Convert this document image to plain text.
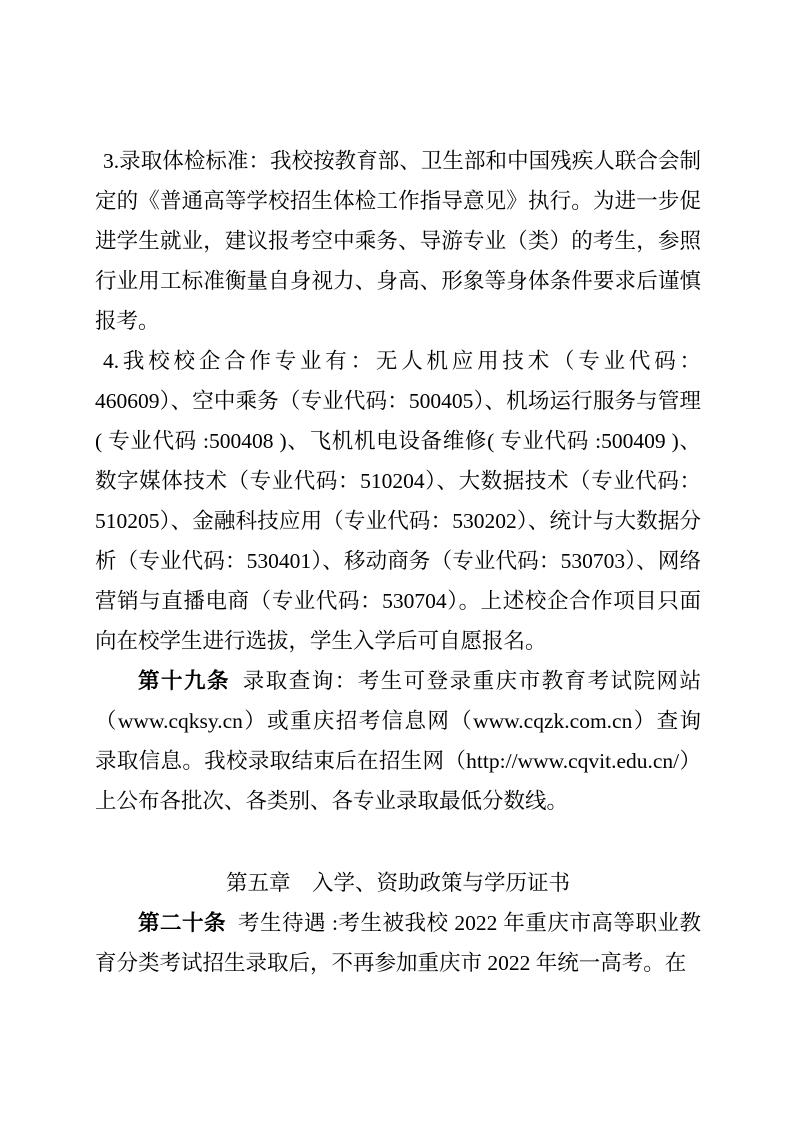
3.录取体检标准：我校按教育部、卫生部和中国残疾人联合会制定的《普通高等学校招生体检工作指导意见》执行。为进一步促进学生就业，建议报考空中乘务、导游专业（类）的考生，参照行业用工标准衡量自身视力、身高、形象等身体条件要求后谨慎报考。

4.我校校企合作专业有：无人机应用技术（专业代码：460609）、空中乘务（专业代码：500405）、机场运行服务与管理( 专业代码 :500408 )、飞机机电设备维修( 专业代码 :500409 )、数字媒体技术（专业代码：510204）、大数据技术（专业代码：510205）、金融科技应用（专业代码：530202）、统计与大数据分析（专业代码：530401）、移动商务（专业代码：530703）、网络营销与直播电商（专业代码：530704）。上述校企合作项目只面向在校学生进行选拔，学生入学后可自愿报名。

第十九条 录取查询：考生可登录重庆市教育考试院网站（www.cqksy.cn）或重庆招考信息网（www.cqzk.com.cn）查询录取信息。我校录取结束后在招生网（http://www.cqvit.edu.cn/）上公布各批次、各类别、各专业录取最低分数线。

第五章　入学、资助政策与学历证书

第二十条 考生待遇 :考生被我校 2022 年重庆市高等职业教育分类考试招生录取后，不再参加重庆市 2022 年统一高考。在
